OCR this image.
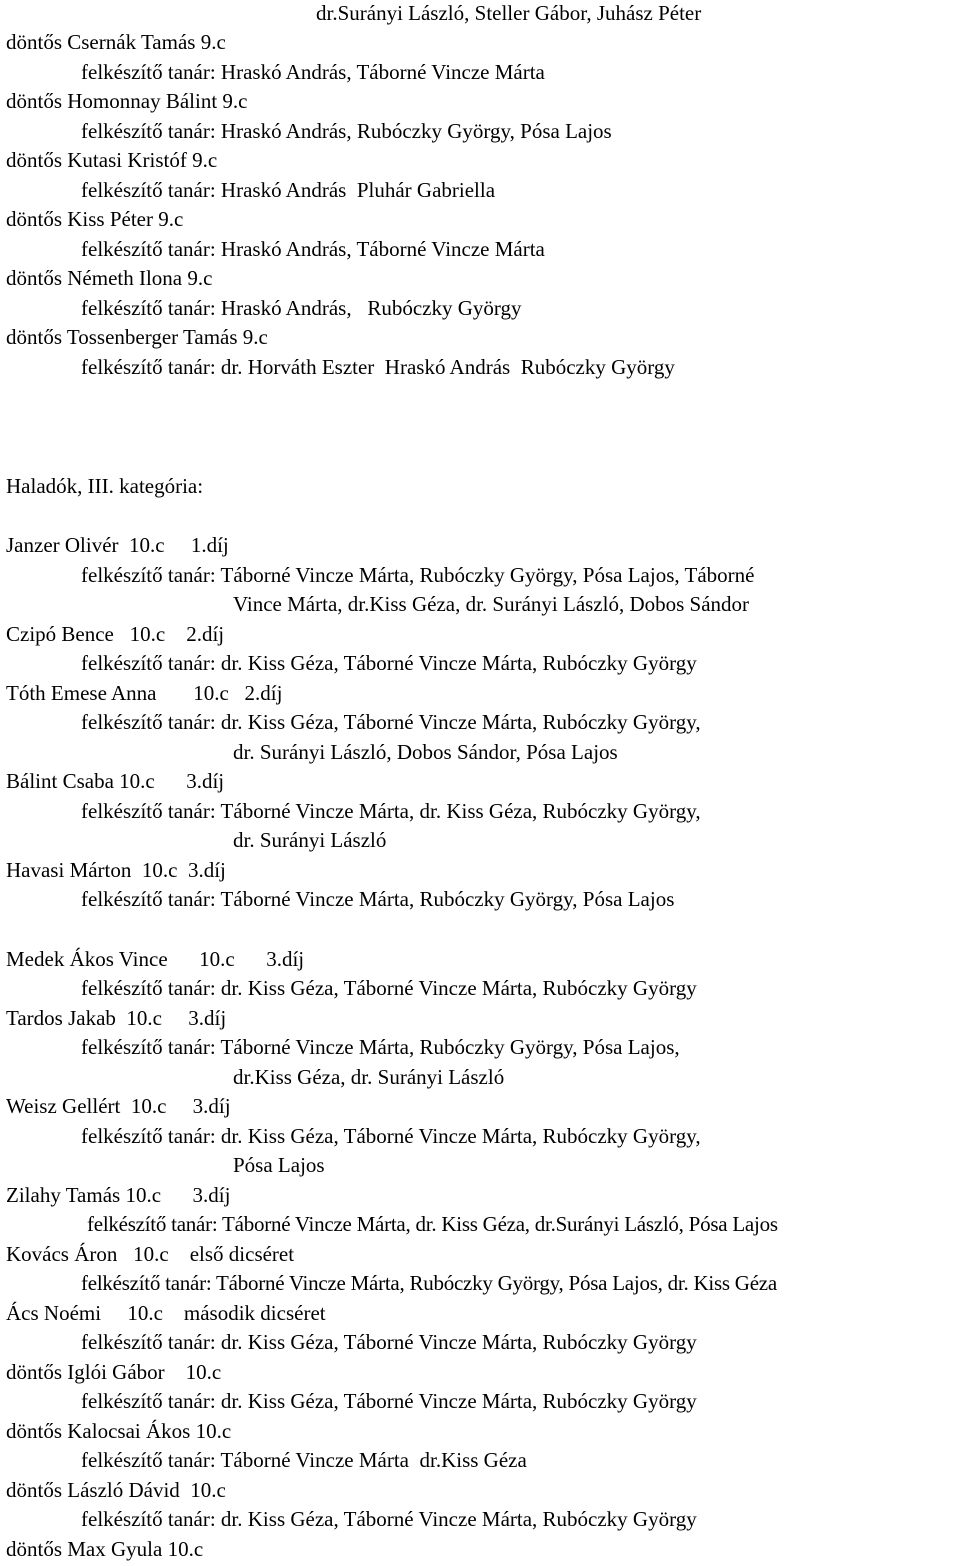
dr.Surányi László, Steller Gábor, Juhász Péter

döntős Csernák Tamás 9.c

felkészítő tanár: Hraskó András, Táborné Vincze Márta

döntős Homonnay Bálint 9.c

felkészítő tanár: Hraskó András, Rubóczky György, Pósa Lajos

döntős Kutasi Kristóf 9.c

felkészítő tanár: Hraskó András  Pluhár Gabriella

döntős Kiss Péter 9.c

felkészítő tanár: Hraskó András, Táborné Vincze Márta

döntős Németh Ilona 9.c

felkészítő tanár: Hraskó András,   Rubóczky György

döntős Tossenberger Tamás 9.c

felkészítő tanár: dr. Horváth Eszter  Hraskó András  Rubóczky György

Haladók, III. kategória:

Janzer Olivér  10.c     1.díj

felkészítő tanár: Táborné Vincze Márta, Rubóczky György, Pósa Lajos, Táborné

Vince Márta, dr.Kiss Géza, dr. Surányi László, Dobos Sándor

Czipó Bence   10.c    2.díj

felkészítő tanár: dr. Kiss Géza, Táborné Vincze Márta, Rubóczky György

Tóth Emese Anna       10.c   2.díj

felkészítő tanár: dr. Kiss Géza, Táborné Vincze Márta, Rubóczky György,

dr. Surányi László, Dobos Sándor, Pósa Lajos

Bálint Csaba 10.c      3.díj

felkészítő tanár: Táborné Vincze Márta, dr. Kiss Géza, Rubóczky György,

dr. Surányi László

Havasi Márton  10.c  3.díj

felkészítő tanár: Táborné Vincze Márta, Rubóczky György, Pósa Lajos

Medek Ákos Vince      10.c      3.díj

felkészítő tanár: dr. Kiss Géza, Táborné Vincze Márta, Rubóczky György

Tardos Jakab  10.c     3.díj

felkészítő tanár: Táborné Vincze Márta, Rubóczky György, Pósa Lajos,

dr.Kiss Géza, dr. Surányi László

Weisz Gellért  10.c     3.díj

felkészítő tanár: dr. Kiss Géza, Táborné Vincze Márta, Rubóczky György,

Pósa Lajos

Zilahy Tamás 10.c      3.díj

felkészítő tanár: Táborné Vincze Márta, dr. Kiss Géza, dr.Surányi László, Pósa Lajos

Kovács Áron   10.c    első dicséret

felkészítő tanár: Táborné Vincze Márta, Rubóczky György, Pósa Lajos, dr. Kiss Géza

Ács Noémi     10.c    második dicséret

felkészítő tanár: dr. Kiss Géza, Táborné Vincze Márta, Rubóczky György

döntős Iglói Gábor    10.c

felkészítő tanár: dr. Kiss Géza, Táborné Vincze Márta, Rubóczky György

döntős Kalocsai Ákos 10.c

felkészítő tanár: Táborné Vincze Márta  dr.Kiss Géza

döntős László Dávid  10.c

felkészítő tanár: dr. Kiss Géza, Táborné Vincze Márta, Rubóczky György

döntős Max Gyula 10.c
